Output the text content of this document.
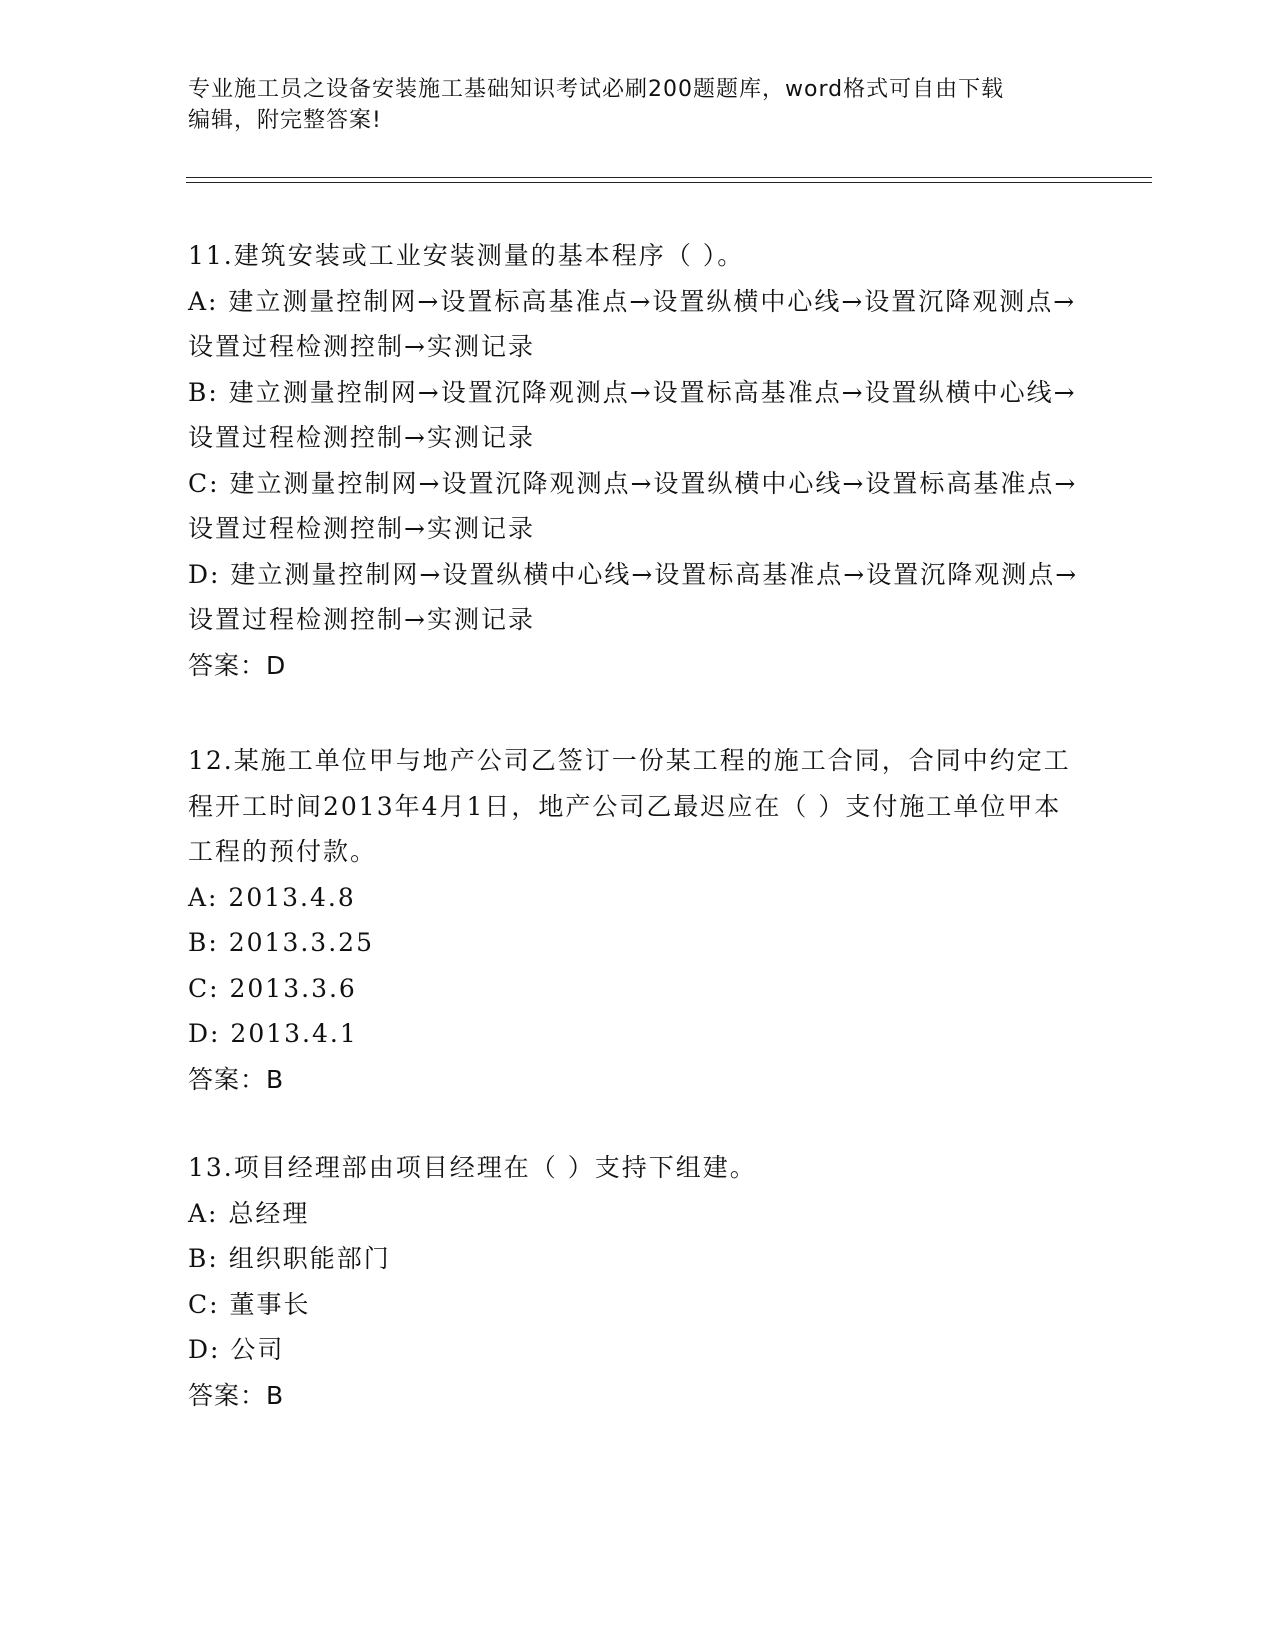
专业施工员之设备安装施工基础知识考试必刷200题题库，word格式可自由下载
编辑，附完整答案!

11.建筑安装或工业安装测量的基本程序（ ）。

A: 建立测量控制网→设置标高基准点→设置纵横中心线→设置沉降观测点→设置过程检测控制→实测记录

B: 建立测量控制网→设置沉降观测点→设置标高基准点→设置纵横中心线→设置过程检测控制→实测记录

C: 建立测量控制网→设置沉降观测点→设置纵横中心线→设置标高基准点→设置过程检测控制→实测记录

D: 建立测量控制网→设置纵横中心线→设置标高基准点→设置沉降观测点→设置过程检测控制→实测记录

答案：D

12.某施工单位甲与地产公司乙签订一份某工程的施工合同，合同中约定工程开工时间2013年4月1日，地产公司乙最迟应在（ ）支付施工单位甲本工程的预付款。

A: 2013.4.8

B: 2013.3.25

C: 2013.3.6

D: 2013.4.1

答案：B

13.项目经理部由项目经理在（ ）支持下组建。

A: 总经理

B: 组织职能部门

C: 董事长

D: 公司

答案：B
